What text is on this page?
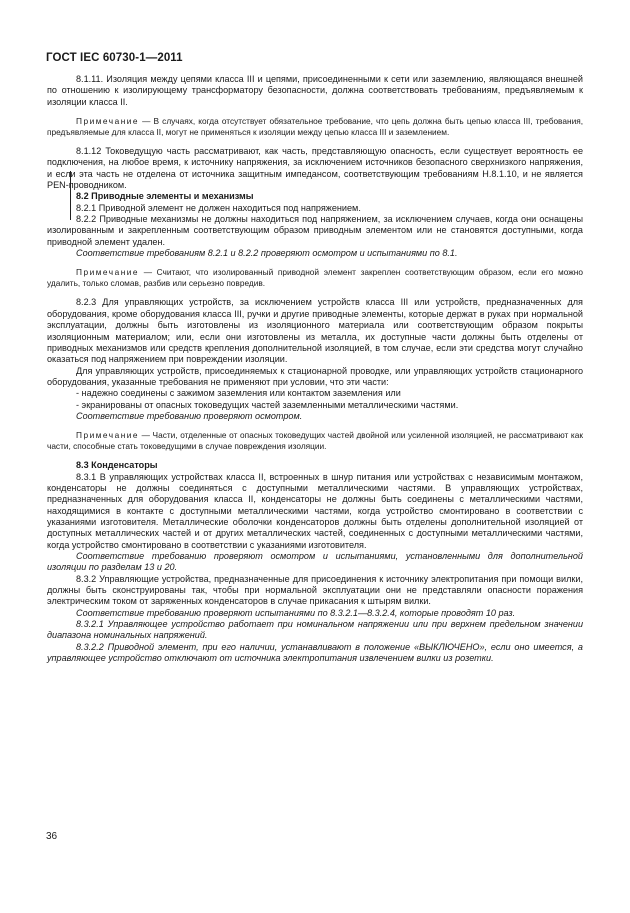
ГОСТ IEC 60730-1—2011

8.1.11. Изоляция между цепями класса III и цепями, присоединенными к сети или заземлению, являющаяся внешней по отношению к изолирующему трансформатору безопасности, должна соответствовать требованиям, предъявляемым к изоляции класса II.

Примечание — В случаях, когда отсутствует обязательное требование, что цепь должна быть цепью класса III, требования, предъявляемые для класса II, могут не применяться к изоляции между цепью класса III и заземлением.

8.1.12 Токоведущую часть рассматривают, как часть, представляющую опасность, если существует вероятность ее подключения, на любое время, к источнику напряжения, за исключением источников безопасного сверхнизкого напряжения, и если эта часть не отделена от источника защитным импедансом, соответствующим требованиям Н.8.1.10, и не является PEN-проводником.

8.2 Приводные элементы и механизмы

8.2.1 Приводной элемент не должен находиться под напряжением.

8.2.2 Приводные механизмы не должны находиться под напряжением, за исключением случаев, когда они оснащены изолированным и закрепленным соответствующим образом приводным элементом или не становятся доступными, когда приводной элемент удален.

Соответствие требованиям 8.2.1 и 8.2.2 проверяют осмотром и испытаниями по 8.1.

Примечание — Считают, что изолированный приводной элемент закреплен соответствующим образом, если его можно удалить, только сломав, разбив или серьезно повредив.

8.2.3 Для управляющих устройств, за исключением устройств класса III или устройств, предназначенных для оборудования, кроме оборудования класса III, ручки и другие приводные элементы, которые держат в руках при нормальной эксплуатации, должны быть изготовлены из изоляционного материала или соответствующим образом покрыты изоляционным материалом; или, если они изготовлены из металла, их доступные части должны быть отделены от приводных механизмов или средств крепления дополнительной изоляцией, в том случае, если эти средства могут случайно оказаться под напряжением при повреждении изоляции.

Для управляющих устройств, присоединяемых к стационарной проводке, или управляющих устройств стационарного оборудования, указанные требования не применяют при условии, что эти части:

- надежно соединены с зажимом заземления или контактом заземления или

- экранированы от опасных токоведущих частей заземленными металлическими частями.

Соответствие требованию проверяют осмотром.

Примечание — Части, отделенные от опасных токоведущих частей двойной или усиленной изоляцией, не рассматривают как части, способные стать токоведущими в случае повреждения изоляции.

8.3 Конденсаторы

8.3.1 В управляющих устройствах класса II, встроенных в шнур питания или устройствах с независимым монтажом, конденсаторы не должны соединяться с доступными металлическими частями. В управляющих устройствах, предназначенных для оборудования класса II, конденсаторы не должны быть соединены с металлическими частями, находящимися в контакте с доступными металлическими частями, когда устройство смонтировано в соответствии с указаниями изготовителя. Металлические оболочки конденсаторов должны быть отделены дополнительной изоляцией от доступных металлических частей и от других металлических частей, соединенных с доступными металлическими частями, когда устройство смонтировано в соответствии с указаниями изготовителя.

Соответствие требованию проверяют осмотром и испытаниями, установленными для дополнительной изоляции по разделам 13 и 20.

8.3.2 Управляющие устройства, предназначенные для присоединения к источнику электропитания при помощи вилки, должны быть сконструированы так, чтобы при нормальной эксплуатации они не представляли опасности поражения электрическим током от заряженных конденсаторов в случае прикасания к штырям вилки.

Соответствие требованию проверяют испытаниями по 8.3.2.1—8.3.2.4, которые проводят 10 раз.

8.3.2.1 Управляющее устройство работает при номинальном напряжении или при верхнем предельном значении диапазона номинальных напряжений.

8.3.2.2 Приводной элемент, при его наличии, устанавливают в положение «ВЫКЛЮЧЕНО», если оно имеется, а управляющее устройство отключают от источника электропитания извлечением вилки из розетки.

36
